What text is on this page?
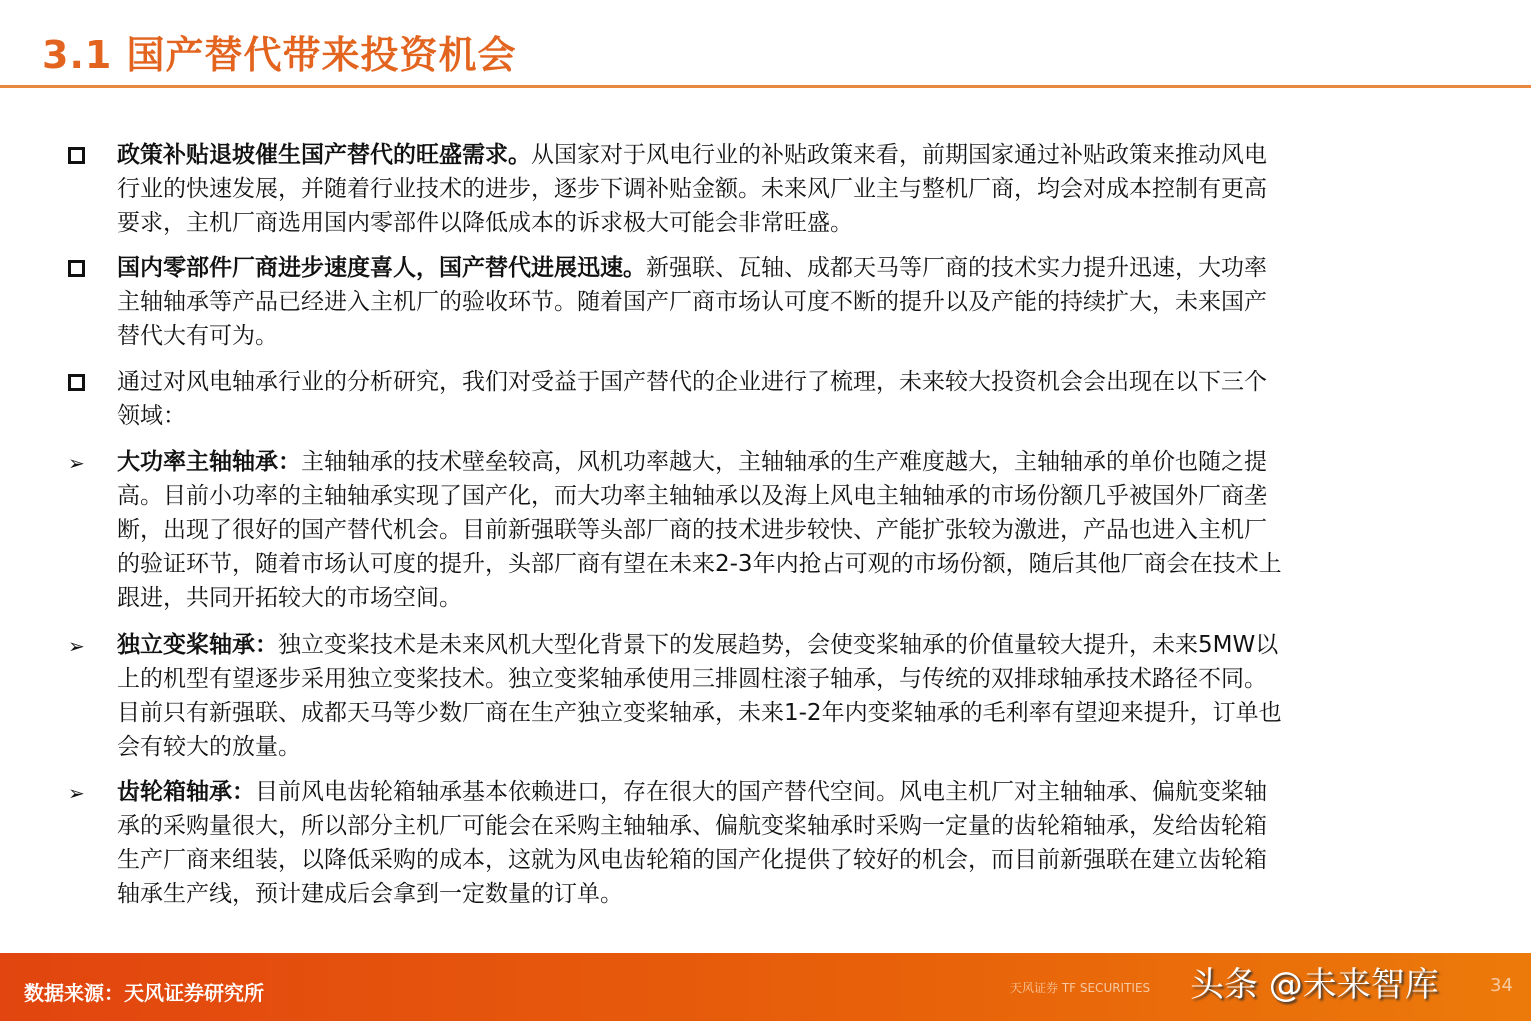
3.1 国产替代带来投资机会
政策补贴退坡催生国产替代的旺盛需求。从国家对于风电行业的补贴政策来看，前期国家通过补贴政策来推动风电
行业的快速发展，并随着行业技术的进步，逐步下调补贴金额。未来风厂业主与整机厂商，均会对成本控制有更高
要求，主机厂商选用国内零部件以降低成本的诉求极大可能会非常旺盛。
国内零部件厂商进步速度喜人，国产替代进展迅速。新强联、瓦轴、成都天马等厂商的技术实力提升迅速，大功率
主轴轴承等产品已经进入主机厂的验收环节。随着国产厂商市场认可度不断的提升以及产能的持续扩大，未来国产
替代大有可为。
通过对风电轴承行业的分析研究，我们对受益于国产替代的企业进行了梳理，未来较大投资机会会出现在以下三个
领域：
➢ 大功率主轴轴承：主轴轴承的技术壁垒较高，风机功率越大，主轴轴承的生产难度越大，主轴轴承的单价也随之提
高。目前小功率的主轴轴承实现了国产化，而大功率主轴轴承以及海上风电主轴轴承的市场份额几乎被国外厂商垄
断，出现了很好的国产替代机会。目前新强联等头部厂商的技术进步较快、产能扩张较为激进，产品也进入主机厂
的验证环节，随着市场认可度的提升，头部厂商有望在未来2-3年内抢占可观的市场份额，随后其他厂商会在技术上
跟进，共同开拓较大的市场空间。
➢ 独立变桨轴承：独立变桨技术是未来风机大型化背景下的发展趋势，会使变桨轴承的价值量较大提升，未来5MW以
上的机型有望逐步采用独立变桨技术。独立变桨轴承使用三排圆柱滚子轴承，与传统的双排球轴承技术路径不同。
目前只有新强联、成都天马等少数厂商在生产独立变桨轴承，未来1-2年内变桨轴承的毛利率有望迎来提升，订单也
会有较大的放量。
➢ 齿轮箱轴承：目前风电齿轮箱轴承基本依赖进口，存在很大的国产替代空间。风电主机厂对主轴轴承、偏航变桨轴
承的采购量很大，所以部分主机厂可能会在采购主轴轴承、偏航变桨轴承时采购一定量的齿轮箱轴承，发给齿轮箱
生产厂商来组装，以降低采购的成本，这就为风电齿轮箱的国产化提供了较好的机会，而目前新强联在建立齿轮箱
轴承生产线，预计建成后会拿到一定数量的订单。
数据来源：天风证券研究所	天风证券 TF SECURITIES 头条 @未来智库	34
